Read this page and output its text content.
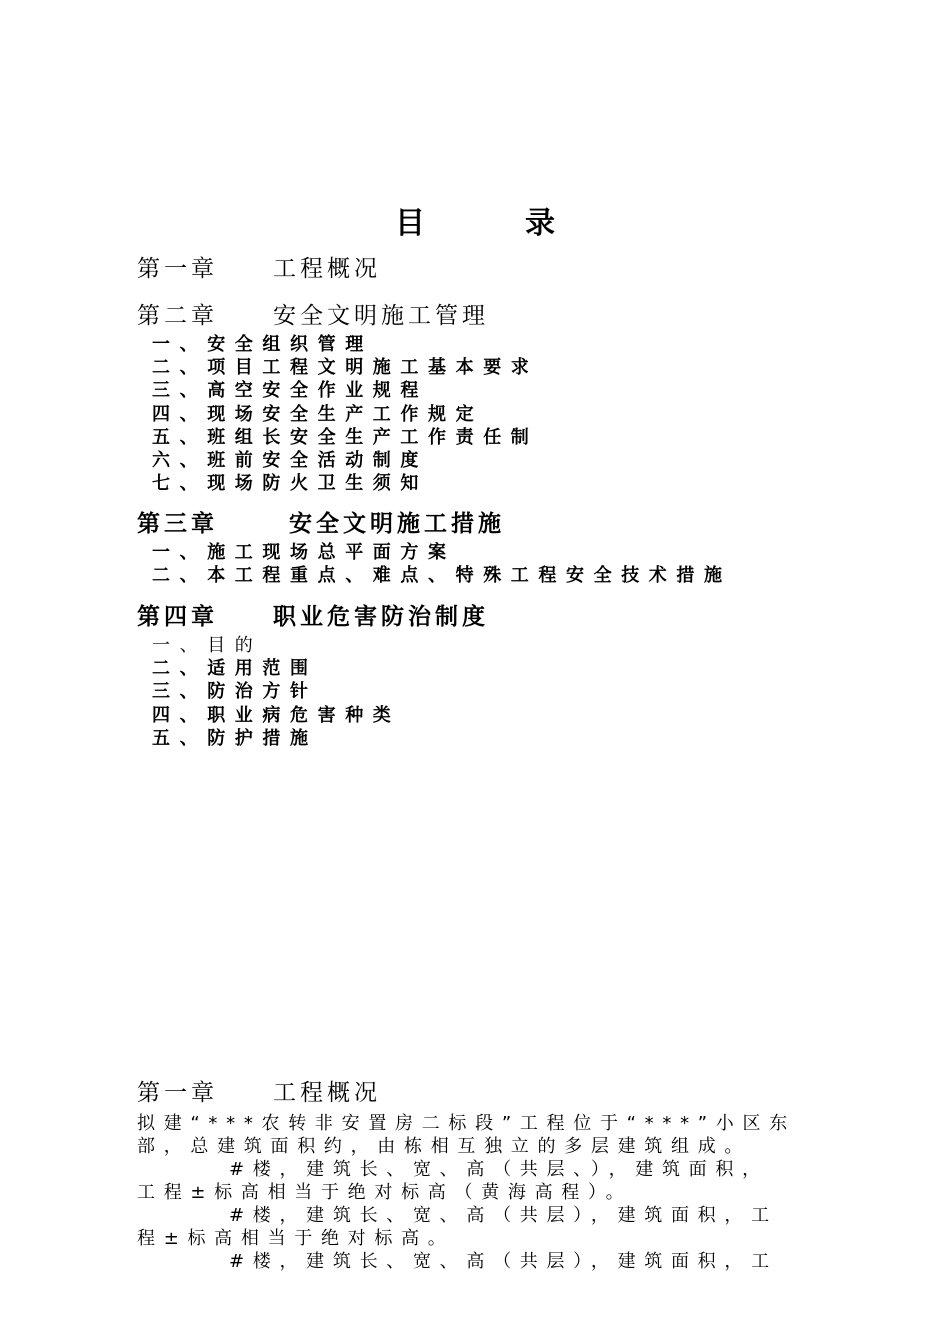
目	录
第一章 工程概况
第二章 安全文明施工管理
一、安全组织管理
二、项目工程文明施工基本要求
三、高空安全作业规程
四、现场安全生产工作规定
五、班组长安全生产工作责任制
六、班前安全活动制度
七、现场防火卫生须知
第三章	安全文明施工措施
一、施工现场总平面方案
二、本工程重点、难点、特殊工程安全技术措施
第四章 职业危害防治制度
一、目的
二、适用范围
三、防治方针
四、职业病危害种类
五、防护措施
第一章 工程概况
拟建“***农转非安置房二标段”工程位于“***”小区东
部，总建筑面积约，由栋相互独立的多层建筑组成。
#楼，建筑长、宽、高（共层、），建筑面积，
工程±标高相当于绝对标高（黄海高程）。
#楼，建筑长、宽、高（共层），建筑面积，工
程±标高相当于绝对标高。
#楼，建筑长、宽、高（共层），建筑面积，工
